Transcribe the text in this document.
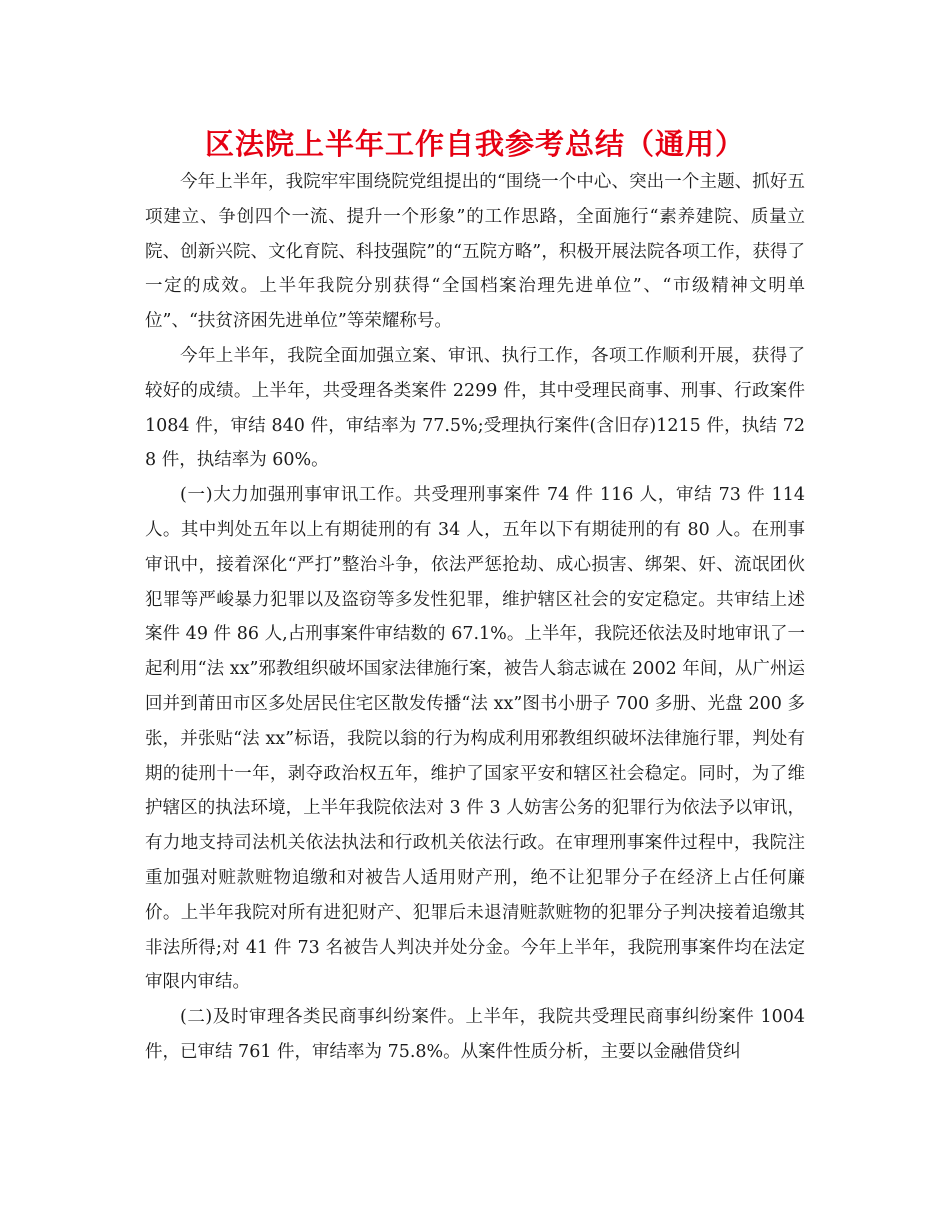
区法院上半年工作自我参考总结（通用）

今年上半年，我院牢牢围绕院党组提出的“围绕一个中心、突出一个主题、抓好五项建立、争创四个一流、提升一个形象”的工作思路，全面施行“素养建院、质量立院、创新兴院、文化育院、科技强院”的“五院方略”，积极开展法院各项工作，获得了一定的成效。上半年我院分别获得“全国档案治理先进单位”、“市级精神文明单位”、“扶贫济困先进单位”等荣耀称号。

今年上半年，我院全面加强立案、审讯、执行工作，各项工作顺利开展，获得了较好的成绩。上半年，共受理各类案件 2299 件，其中受理民商事、刑事、行政案件 1084 件，审结 840 件，审结率为 77.5%;受理执行案件(含旧存)1215 件，执结 728 件，执结率为 60%。

(一)大力加强刑事审讯工作。共受理刑事案件 74 件 116 人，审结 73 件 114 人。其中判处五年以上有期徒刑的有 34 人，五年以下有期徒刑的有 80 人。在刑事审讯中，接着深化“严打”整治斗争，依法严惩抢劫、成心损害、绑架、奸、流氓团伙犯罪等严峻暴力犯罪以及盗窃等多发性犯罪，维护辖区社会的安定稳定。共审结上述案件 49 件 86 人,占刑事案件审结数的 67.1%。上半年，我院还依法及时地审讯了一起利用“法 xx”邪教组织破坏国家法律施行案，被告人翁志诚在 2002 年间，从广州运回并到莆田市区多处居民住宅区散发传播“法 xx”图书小册子 700 多册、光盘 200 多张，并张贴“法 xx”标语，我院以翁的行为构成利用邪教组织破坏法律施行罪，判处有期的徒刑十一年，剥夺政治权五年，维护了国家平安和辖区社会稳定。同时，为了维护辖区的执法环境，上半年我院依法对 3 件 3 人妨害公务的犯罪行为依法予以审讯，有力地支持司法机关依法执法和行政机关依法行政。在审理刑事案件过程中，我院注重加强对赃款赃物追缴和对被告人适用财产刑，绝不让犯罪分子在经济上占任何廉价。上半年我院对所有进犯财产、犯罪后未退清赃款赃物的犯罪分子判决接着追缴其非法所得;对 41 件 73 名被告人判决并处分金。今年上半年，我院刑事案件均在法定审限内审结。

(二)及时审理各类民商事纠纷案件。上半年，我院共受理民商事纠纷案件 1004 件，已审结 761 件，审结率为 75.8%。从案件性质分析，主要以金融借贷纠
